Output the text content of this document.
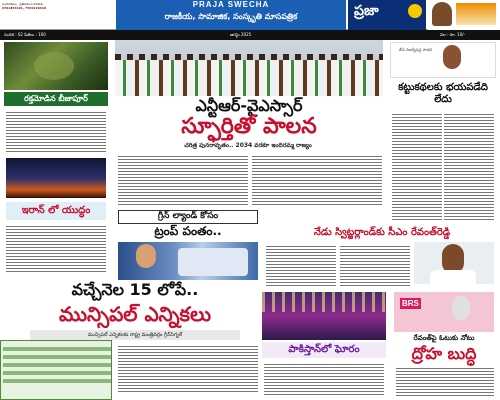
సంపాదకులు · ప్రతినిధులు కావలెను
9701854101, 7569129410	PRAJA SWECHA
రాజకీయ, సామాజిక, సంస్కృతి మాసపత్రిక	ప్రజా
సంచిక : 02 పేజీలు : 100	ఆగస్టు 2025	వెల : రూ. 10/-
రక్తమోడిన బీజాపూర్
ఇరాన్ లో యుద్ధం
ఎన్టీఆర్-వైఎస్సార్
స్ఫూర్తితో పాలన
చరిత్ర పునరావృతం.. 2034 వరకూ ఇందిరమ్మ రాజ్యం
బీసీ రిజర్వేషన్ల సాధన
కట్టుకథలకు భయపడేది లేదు
గ్రీన్ ల్యాండ్ కోసం
ట్రంప్ పంతం..	నేడు స్విట్జర్లాండ్‌కు సీఎం రేవంత్‌రెడ్డి
వచ్చేనెల 15 లోపే..
మున్సిపల్ ఎన్నికలు
మున్సిపల్ ఎన్నికలకు రాష్ట్ర మంత్రివర్గం గ్రీన్‌సిగ్నల్
పాకిస్తాన్‌లో ఘోరం
BRS
రేవంత్‌పై ఓటుకు నోటు
ద్రోహ బుద్ధి
